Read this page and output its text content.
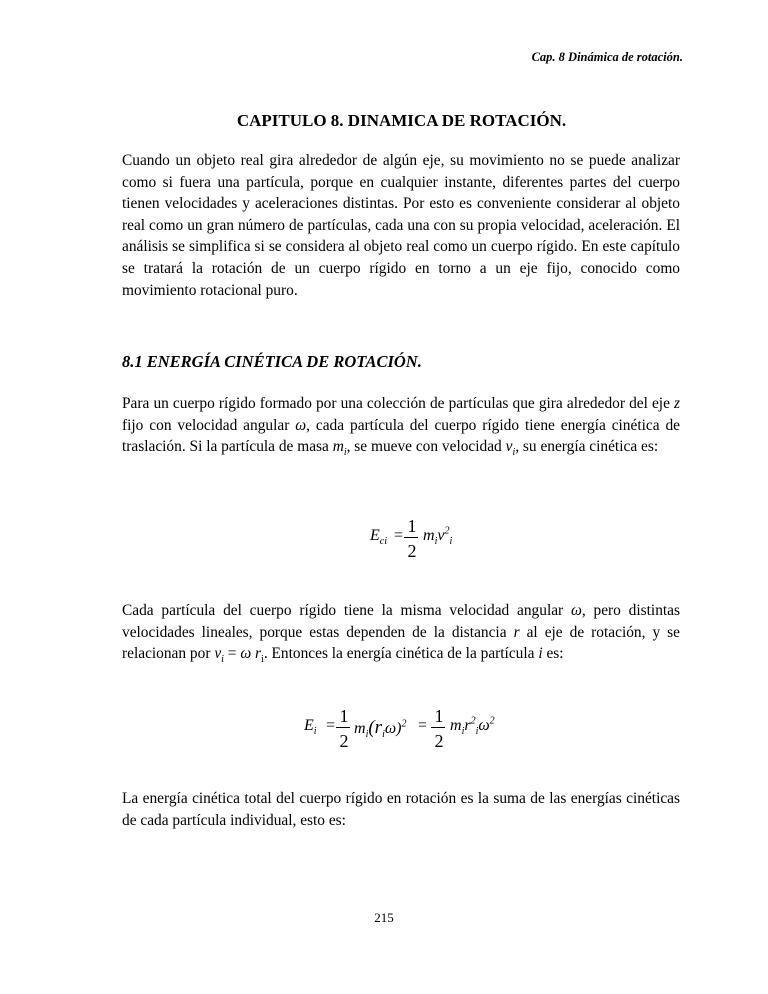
Cap. 8 Dinámica de rotación.
CAPITULO 8. DINAMICA DE ROTACIÓN.

Cuando un objeto real gira alrededor de algún eje, su movimiento no se puede analizar como si fuera una partícula, porque en cualquier instante, diferentes partes del cuerpo tienen velocidades y aceleraciones distintas. Por esto es conveniente considerar al objeto real como un gran número de partículas, cada una con su propia velocidad, aceleración. El análisis se simplifica si se considera al objeto real como un cuerpo rígido. En este capítulo se tratará la rotación de un cuerpo rígido en torno a un eje fijo, conocido como movimiento rotacional puro.

8.1 ENERGÍA CINÉTICA DE ROTACIÓN.

Para un cuerpo rígido formado por una colección de partículas que gira alrededor del eje z fijo con velocidad angular ω, cada partícula del cuerpo rígido tiene energía cinética de traslación. Si la partícula de masa $m_i$, se mueve con velocidad $v_i$, su energía cinética es:

$E_{ci} = 1$
2
$m_iv^2_i$

Cada partícula del cuerpo rígido tiene la misma velocidad angular ω, pero distintas velocidades lineales, porque estas dependen de la distancia r al eje de rotación, y se relacionan por $v_i = \omega$ $r_i$. Entonces la energía cinética de la partícula i es:

$E_i = 1$
2
$m_i(r_i\omega)^2 = 1$
2
$m_ir^2_i\omega^2$

La energía cinética total del cuerpo rígido en rotación es la suma de las energías cinéticas de cada partícula individual, esto es:

215
